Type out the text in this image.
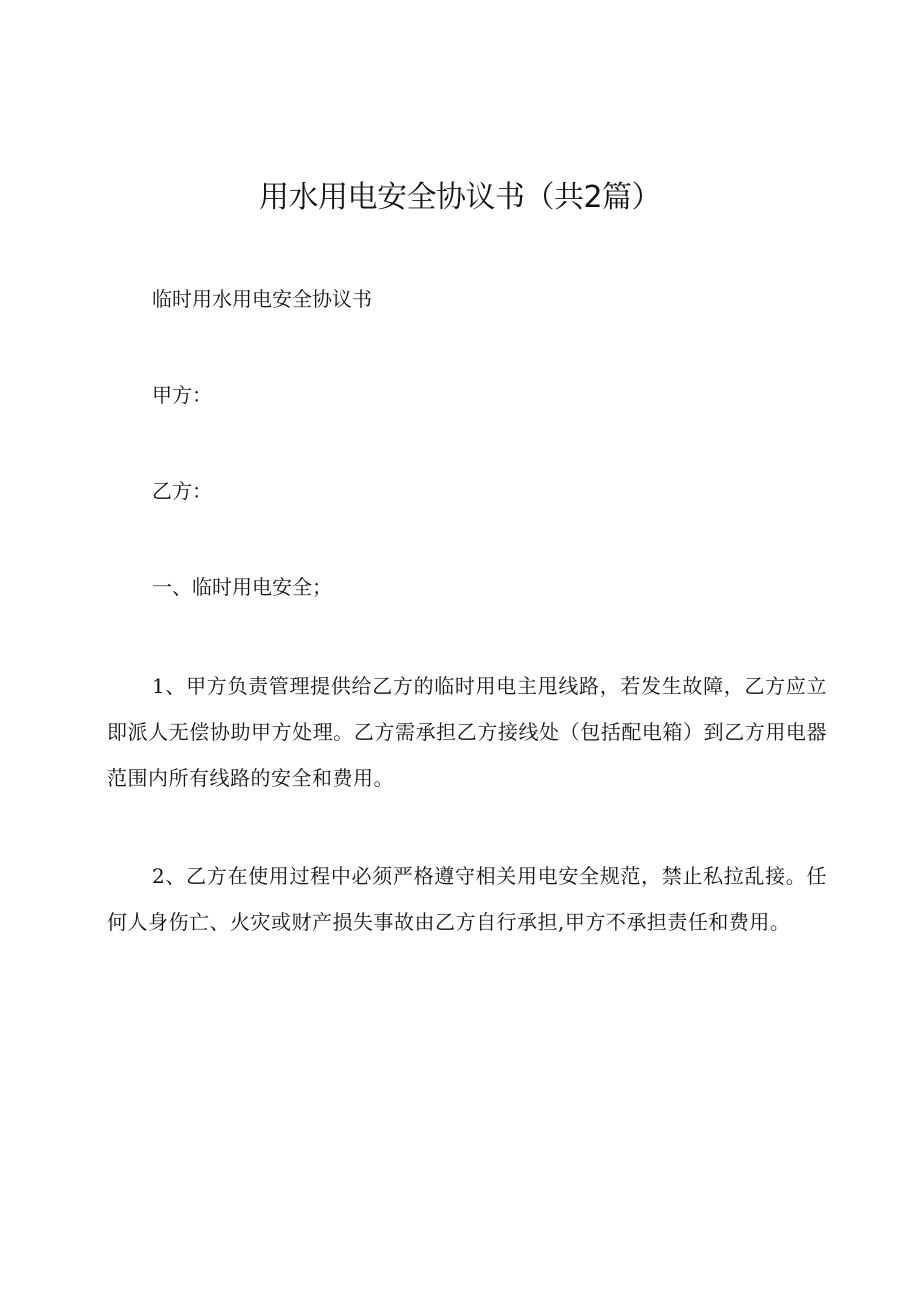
用水用电安全协议书（共2篇）

临时用水用电安全协议书

甲方：

乙方：

一、临时用电安全；

1、甲方负责管理提供给乙方的临时用电主甩线路，若发生故障，乙方应立即派人无偿协助甲方处理。乙方需承担乙方接线处（包括配电箱）到乙方用电器范围内所有线路的安全和费用。

2、乙方在使用过程中必须严格遵守相关用电安全规范，禁止私拉乱接。任何人身伤亡、火灾或财产损失事故由乙方自行承担,甲方不承担责任和费用。
